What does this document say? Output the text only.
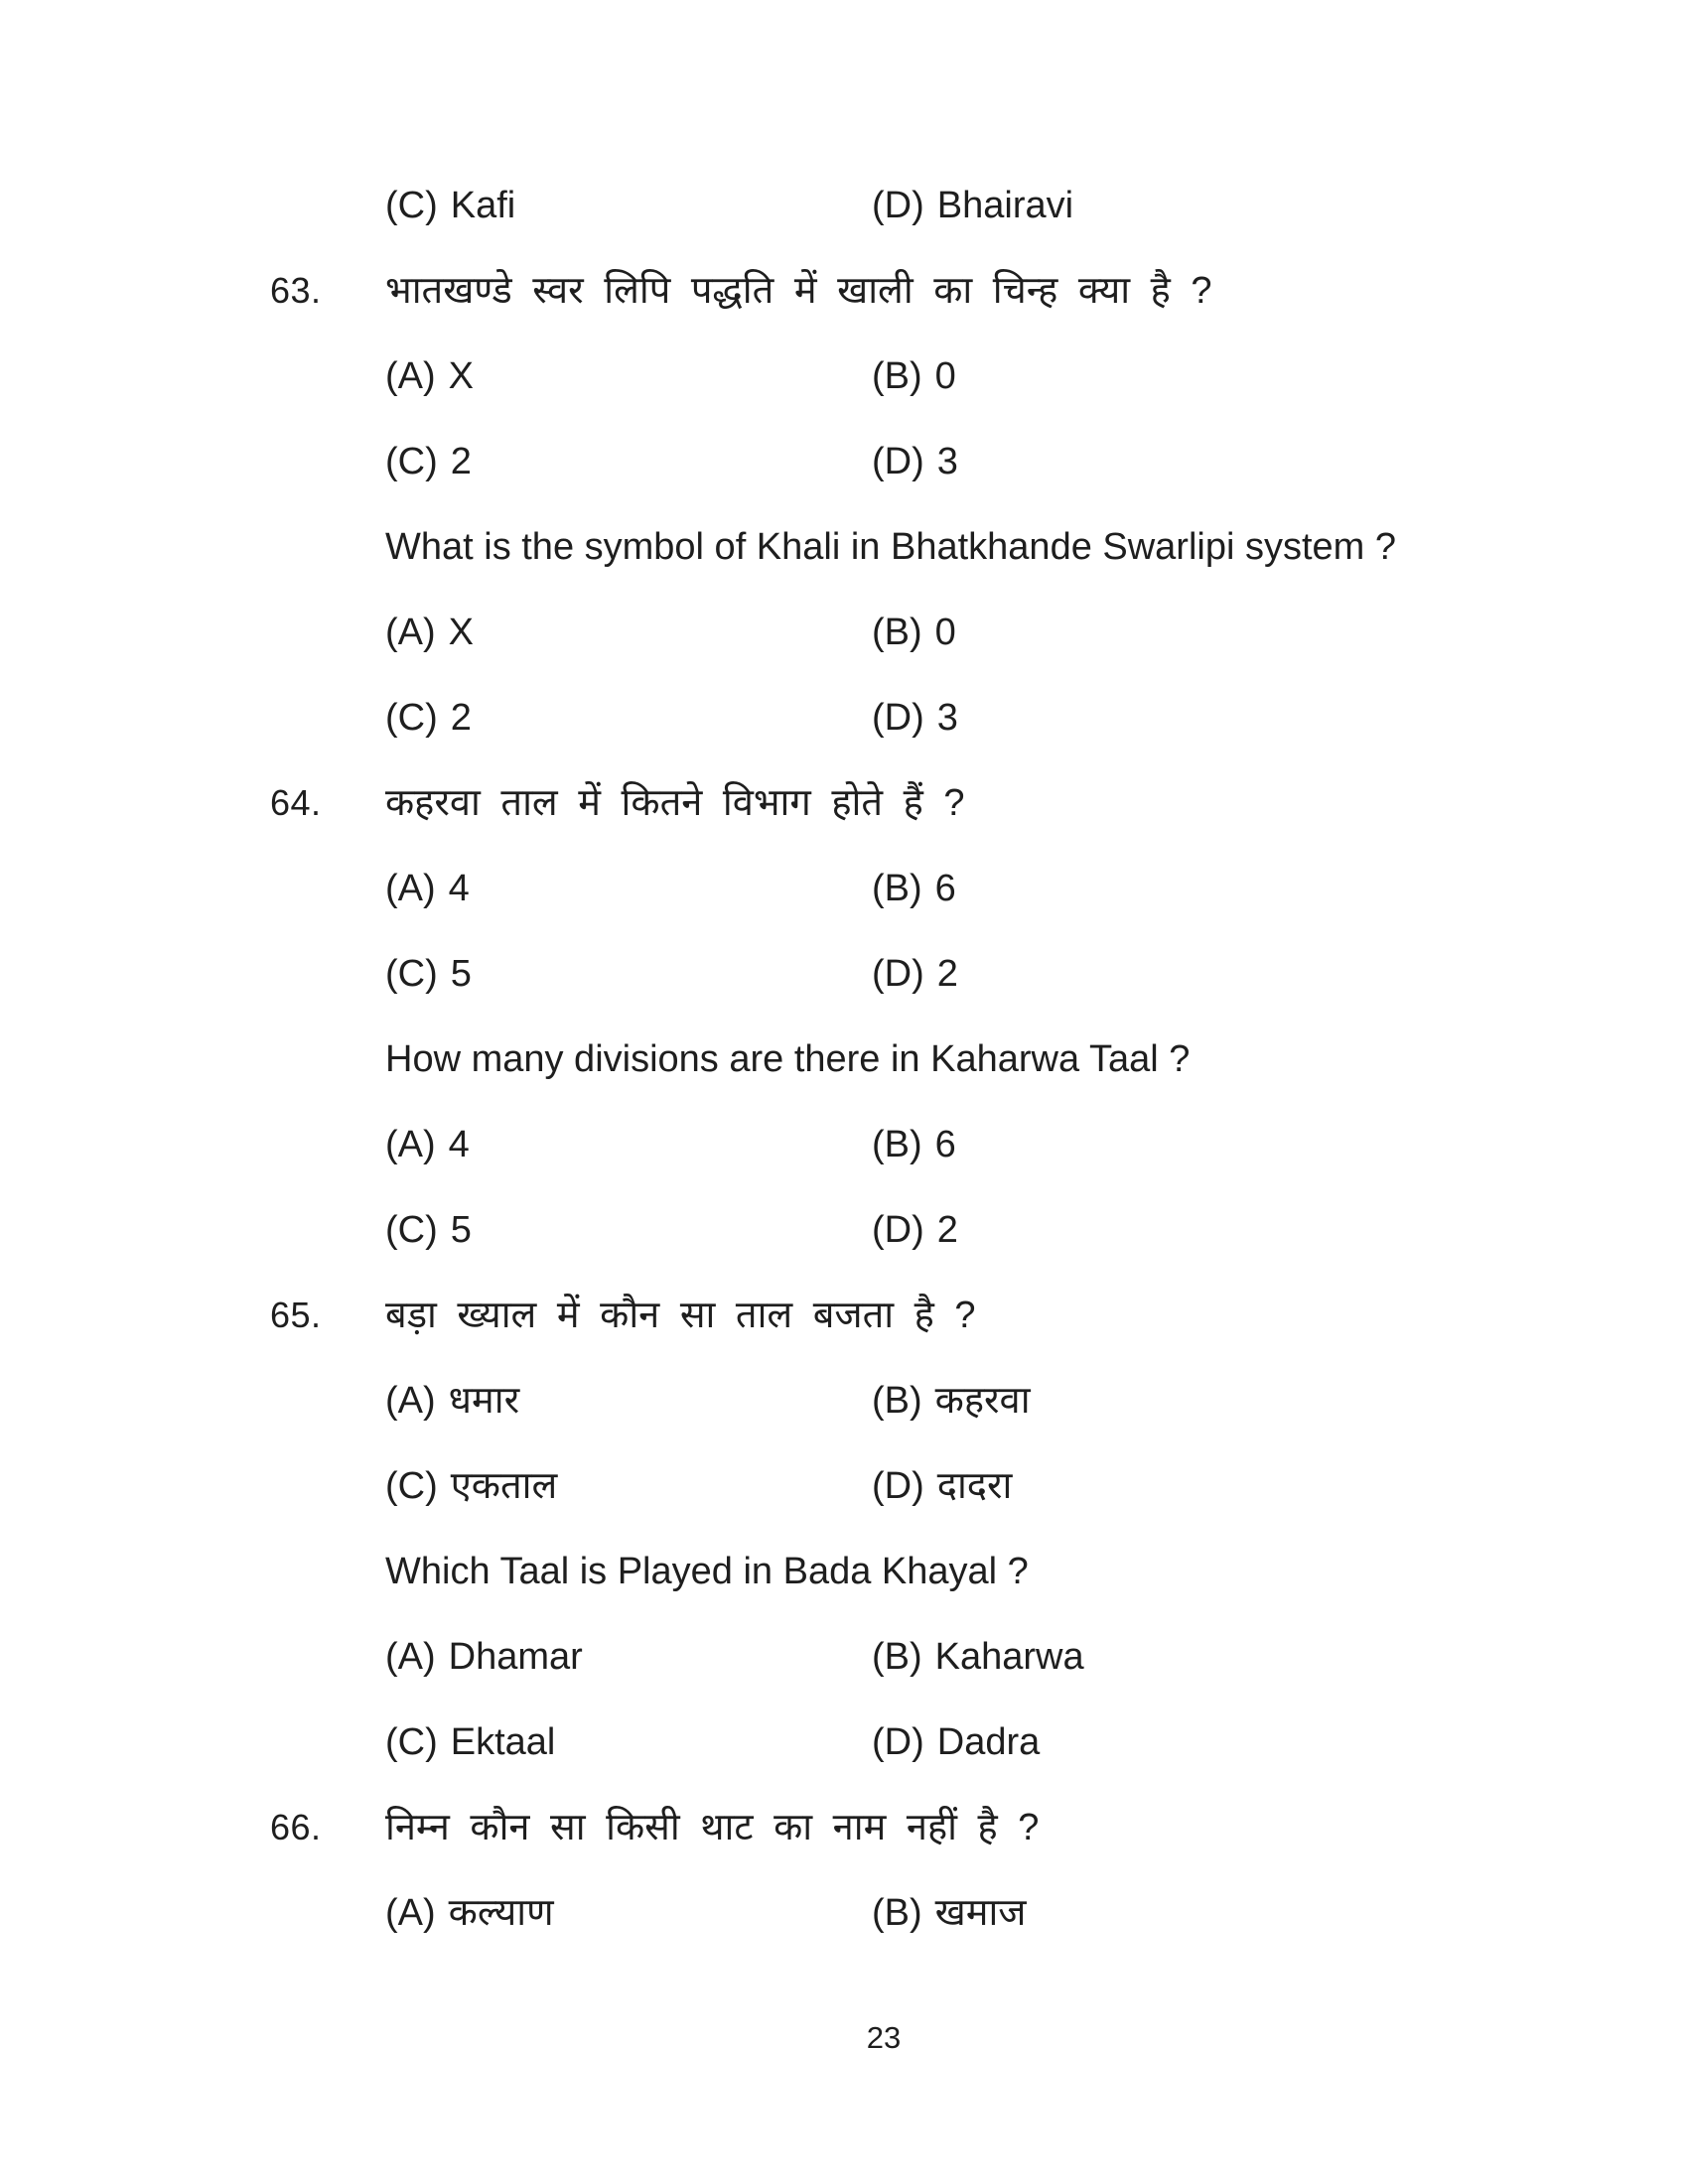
(C) Kafi	(D) Bhairavi
63. भातखण्डे स्वर लिपि पद्धति में खाली का चिन्ह क्या है ?
(A) X	(B) 0
(C) 2	(D) 3
What is the symbol of Khali in Bhatkhande Swarlipi system ?
(A) X	(B) 0
(C) 2	(D) 3
64. कहरवा ताल में कितने विभाग होते हैं ?
(A) 4	(B) 6
(C) 5	(D) 2
How many divisions are there in Kaharwa Taal ?
(A) 4	(B) 6
(C) 5	(D) 2
65. बड़ा ख्याल में कौन सा ताल बजता है ?
(A) धमार	(B) कहरवा
(C) एकताल	(D) दादरा
Which Taal is Played in Bada Khayal ?
(A) Dhamar	(B) Kaharwa
(C) Ektaal	(D) Dadra
66. निम्न कौन सा किसी थाट का नाम नहीं है ?
(A) कल्याण	(B) खमाज
23
